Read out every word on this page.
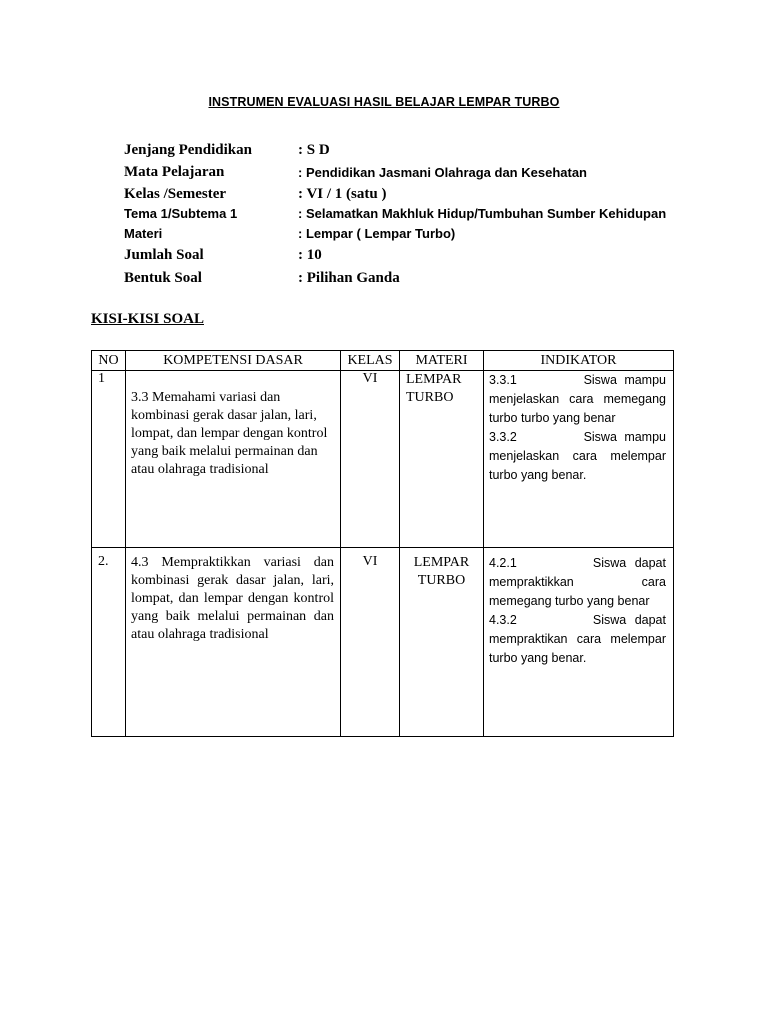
INSTRUMEN EVALUASI HASIL BELAJAR LEMPAR TURBO
Jenjang Pendidikan	: S D
Mata Pelajaran	: Pendidikan Jasmani Olahraga dan Kesehatan
Kelas /Semester	: VI / 1 (satu )
Tema 1/Subtema 1	: Selamatkan Makhluk Hidup/Tumbuhan Sumber Kehidupan
Materi	: Lempar ( Lempar Turbo)
Jumlah Soal	: 10
Bentuk Soal	: Pilihan Ganda
KISI-KISI SOAL
NO	KOMPETENSI DASAR	KELAS	MATERI	INDIKATOR

1	3.3 Memahami variasi dan kombinasi gerak dasar jalan, lari, lompat, dan lempar dengan kontrol yang baik melalui permainan dan atau olahraga tradisional	VI	LEMPAR TURBO	3.3.1 Siswa mampu menjelaskan cara memegang turbo turbo yang benar
3.3.2 Siswa mampu menjelaskan cara melempar turbo yang benar.

2.	4.3 Mempraktikkan variasi dan kombinasi gerak dasar jalan, lari, lompat, dan lempar dengan kontrol yang baik melalui permainan dan atau olahraga tradisional	VI	LEMPAR TURBO	4.2.1 Siswa dapat mempraktikkan cara memegang turbo yang benar
4.3.2 Siswa dapat mempraktikan cara melempar turbo yang benar.
